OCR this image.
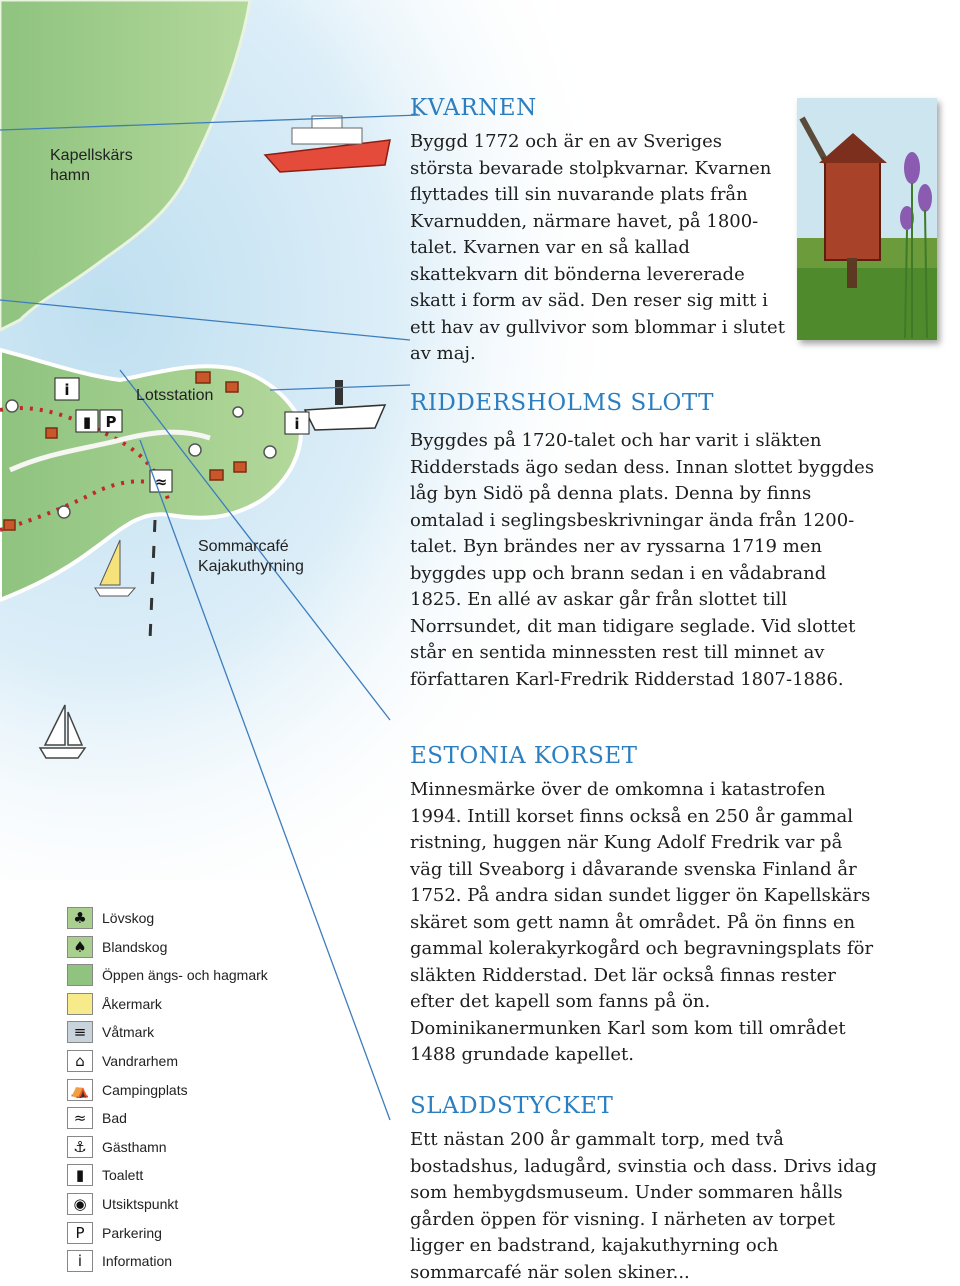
i
▮ P
≈
i
Kapellskärs
hamn
Lotsstation
Sommarcafé
Kajakuthyrning
KVARNEN

Byggd 1772 och är en av Sveriges största bevarade stolpkvarnar. Kvarnen flyttades till sin nuvarande plats från Kvarnudden, närmare havet, på 1800-talet. Kvarnen var en så kallad skattekvarn dit bönderna levererade skatt i form av säd. Den reser sig mitt i ett hav av gullvivor som blommar i slutet av maj.

RIDDERSHOLMS SLOTT

Byggdes på 1720-talet och har varit i släkten Ridderstads ägo sedan dess. Innan slottet byggdes låg byn Sidö på denna plats. Denna by finns omtalad i seglingsbeskrivningar ända från 1200-talet. Byn brändes ner av ryssarna 1719 men byggdes upp och brann sedan i en vådabrand 1825. En allé av askar går från slottet till Norrsundet, dit man tidigare seglade. Vid slottet står en sentida minnessten rest till minnet av författaren Karl-Fredrik Ridderstad 1807-1886.

ESTONIA KORSET

Minnesmärke över de omkomna i katastrofen 1994. Intill korset finns också en 250 år gammal ristning, huggen när Kung Adolf Fredrik var på väg till Sveaborg i dåvarande svenska Finland år 1752. På andra sidan sundet ligger ön Kapellskärs skäret som gett namn åt området. På ön finns en gammal kolerakyrkogård och begravningsplats för släkten Ridderstad. Det lär också finnas rester efter det kapell som fanns på ön. Dominikanermunken Karl som kom till området 1488 grundade kapellet.

SLADDSTYCKET

Ett nästan 200 år gammalt torp, med två bostadshus, ladugård, svinstia och dass. Drivs idag som hembygdsmuseum. Under sommaren hålls gården öppen för visning. I närheten av torpet ligger en badstrand, kajakuthyrning och sommarcafé när solen skiner...

♣	Lövskog
♠	Blandskog
Öppen ängs- och hagmark
Åkermark
≡	Våtmark
⌂	Vandrarhem
⛺ Campingplats
≈	Bad
⚓	Gästhamn
▮	Toalett
◉	Utsiktspunkt
P	Parkering
i	Information
